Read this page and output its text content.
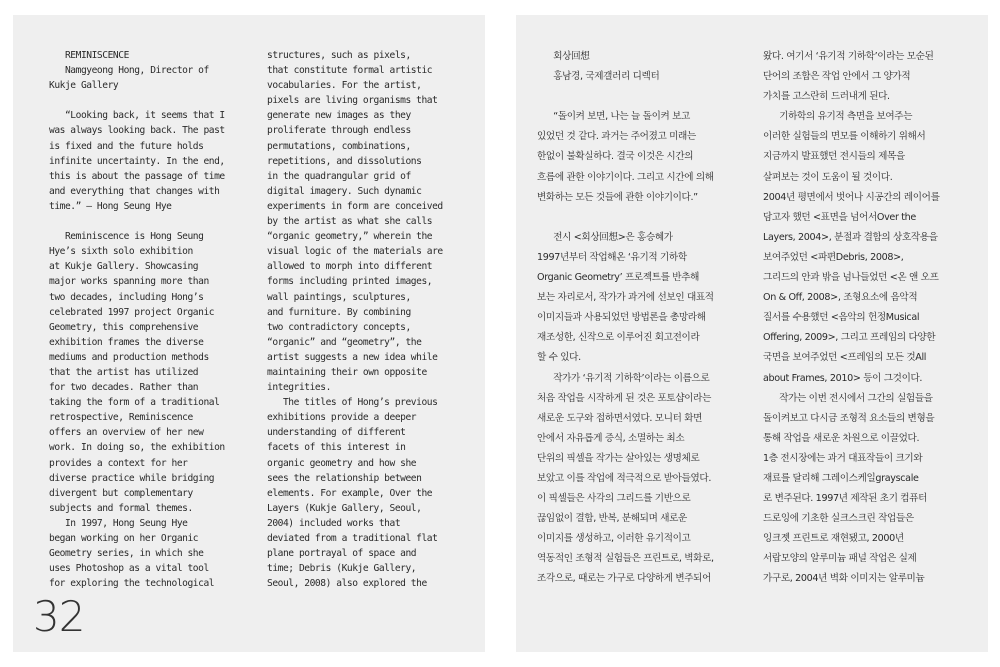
REMINISCENCE

Namgyeong Hong, Director of

Kukje Gallery

“Looking back, it seems that I

was always looking back. The past

is fixed and the future holds

infinite uncertainty. In the end,

this is about the passage of time

and everything that changes with

time.” — Hong Seung Hye

Reminiscence is Hong Seung

Hye’s sixth solo exhibition

at Kukje Gallery. Showcasing

major works spanning more than

two decades, including Hong’s

celebrated 1997 project Organic

Geometry, this comprehensive

exhibition frames the diverse

mediums and production methods

that the artist has utilized

for two decades. Rather than

taking the form of a traditional

retrospective, Reminiscence

offers an overview of her new

work. In doing so, the exhibition

provides a context for her

diverse practice while bridging

divergent but complementary

subjects and formal themes.

In 1997, Hong Seung Hye

began working on her Organic

Geometry series, in which she

uses Photoshop as a vital tool

for exploring the technological

structures, such as pixels,

that constitute formal artistic

vocabularies. For the artist,

pixels are living organisms that

generate new images as they

proliferate through endless

permutations, combinations,

repetitions, and dissolutions

in the quadrangular grid of

digital imagery. Such dynamic

experiments in form are conceived

by the artist as what she calls

“organic geometry,” wherein the

visual logic of the materials are

allowed to morph into different

forms including printed images,

wall paintings, sculptures,

and furniture. By combining

two contradictory concepts,

“organic” and “geometry”, the

artist suggests a new idea while

maintaining their own opposite

integrities.

The titles of Hong’s previous

exhibitions provide a deeper

understanding of different

facets of this interest in

organic geometry and how she

sees the relationship between

elements. For example, Over the

Layers (Kukje Gallery, Seoul,

2004) included works that

deviated from a traditional flat

plane portrayal of space and

time; Debris (Kukje Gallery,

Seoul, 2008) also explored the

32

회상回想

홍남경, 국제갤러리 디렉터

“돌이켜 보면, 나는 늘 돌이켜 보고

있었던 것 같다. 과거는 주어졌고 미래는

한없이 불확실하다. 결국 이것은 시간의

흐름에 관한 이야기이다. 그리고 시간에 의해

변화하는 모든 것들에 관한 이야기이다.”

전시 <회상回想>은 홍승혜가

1997년부터 작업해온 ‘유기적 기하학

Organic Geometry’ 프로젝트를 반추해

보는 자리로서, 작가가 과거에 선보인 대표적

이미지들과 사용되었던 방법론을 총망라해

재조성한, 신작으로 이루어진 회고전이라

할 수 있다.

작가가 ‘유기적 기하학’이라는 이름으로

처음 작업을 시작하게 된 것은 포토샵이라는

새로운 도구와 접하면서였다. 모니터 화면

안에서 자유롭게 증식, 소멸하는 최소

단위의 픽셀을 작가는 살아있는 생명체로

보았고 이를 작업에 적극적으로 받아들였다.

이 픽셀들은 사각의 그리드를 기반으로

끊임없이 결합, 반복, 분해되며 새로운

이미지를 생성하고, 이러한 유기적이고

역동적인 조형적 실험들은 프린트로, 벽화로,

조각으로, 때로는 가구로 다양하게 변주되어

왔다. 여기서 ‘유기적 기하학’이라는 모순된

단어의 조합은 작업 안에서 그 양가적

가치를 고스란히 드러내게 된다.

기하학의 유기적 측면을 보여주는

이러한 실험들의 면모를 이해하기 위해서

지금까지 발표했던 전시들의 제목을

살펴보는 것이 도움이 될 것이다.

2004년 평면에서 벗어나 시공간의 레이어를

담고자 했던 <표면을 넘어서Over the

Layers, 2004>, 분절과 결합의 상호작용을

보여주었던 <파편Debris, 2008>,

그리드의 안과 밖을 넘나들었던 <온 앤 오프

On & Off, 2008>, 조형요소에 음악적

질서를 수용했던 <음악의 헌정Musical

Offering, 2009>, 그리고 프레임의 다양한

국면을 보여주었던 <프레임의 모든 것All

about Frames, 2010> 등이 그것이다.

작가는 이번 전시에서 그간의 실험들을

돌이켜보고 다시금 조형적 요소들의 변형을

통해 작업을 새로운 차원으로 이끌었다.

1층 전시장에는 과거 대표작들이 크기와

재료를 달리해 그레이스케일grayscale

로 변주된다. 1997년 제작된 초기 컴퓨터

드로잉에 기초한 실크스크린 작업들은

잉크젯 프린트로 재현됐고, 2000년

서랍모양의 알루미늄 패널 작업은 실제

가구로, 2004년 벽화 이미지는 알루미늄
